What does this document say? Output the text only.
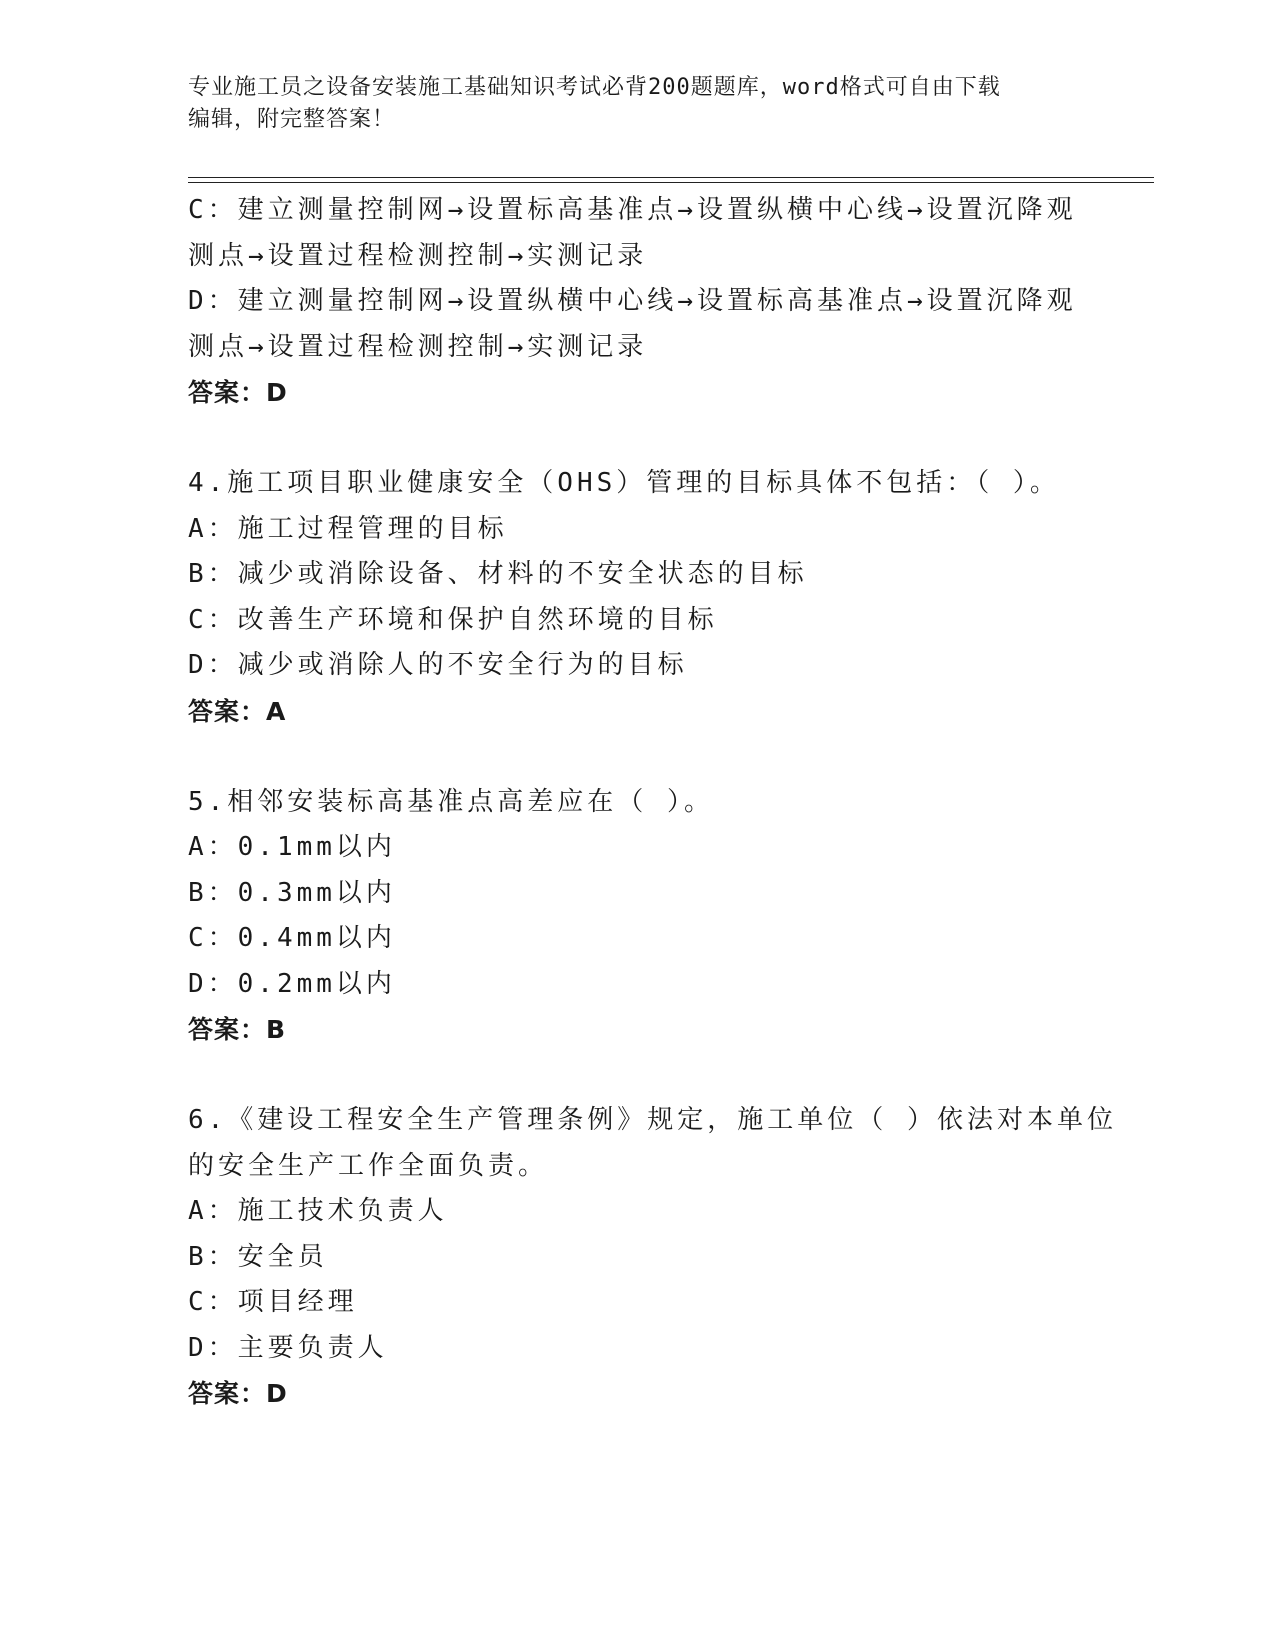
专业施工员之设备安装施工基础知识考试必背200题题库，word格式可自由下载
编辑，附完整答案！
C：建立测量控制网→设置标高基准点→设置纵横中心线→设置沉降观
测点→设置过程检测控制→实测记录
D：建立测量控制网→设置纵横中心线→设置标高基准点→设置沉降观
测点→设置过程检测控制→实测记录
答案：D
4.施工项目职业健康安全（OHS）管理的目标具体不包括：（ ）。
A：施工过程管理的目标
B：减少或消除设备、材料的不安全状态的目标
C：改善生产环境和保护自然环境的目标
D：减少或消除人的不安全行为的目标
答案：A
5.相邻安装标高基准点高差应在（ ）。
A：0.1mm以内
B：0.3mm以内
C：0.4mm以内
D：0.2mm以内
答案：B
6.《建设工程安全生产管理条例》规定，施工单位（ ）依法对本单位
的安全生产工作全面负责。
A：施工技术负责人
B：安全员
C：项目经理
D：主要负责人
答案：D
